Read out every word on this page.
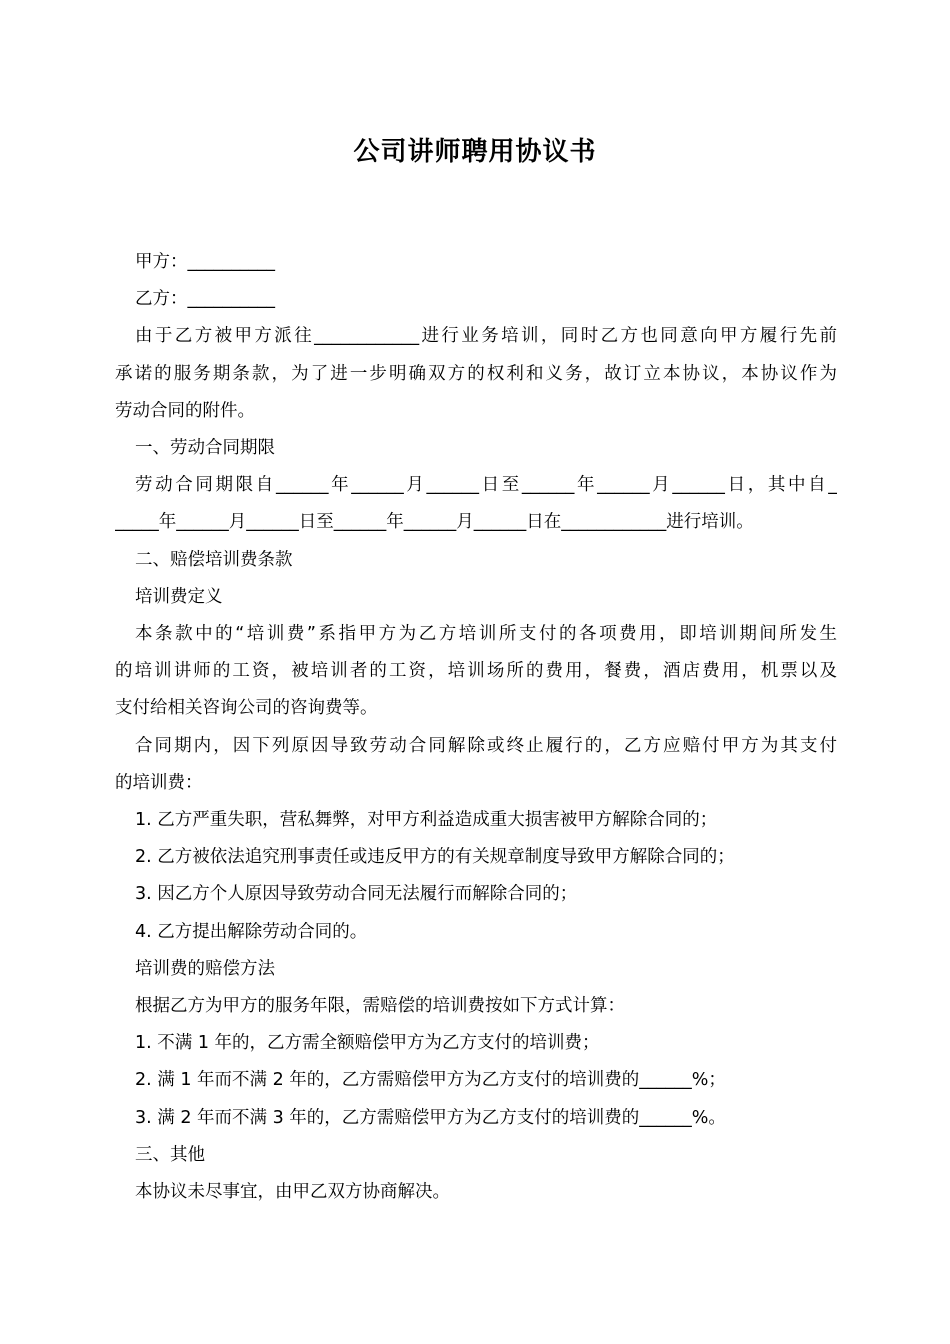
公司讲师聘用协议书

甲方：__________

乙方：__________

由于乙方被甲方派往____________进行业务培训，同时乙方也同意向甲方履行先前

承诺的服务期条款，为了进一步明确双方的权利和义务，故订立本协议，本协议作为

劳动合同的附件。

一、劳动合同期限

劳动合同期限自______年______月______日至______年______月______日，其中自_

_____年______月______日至______年______月______日在____________进行培训。

二、赔偿培训费条款

培训费定义

本条款中的“培训费”系指甲方为乙方培训所支付的各项费用，即培训期间所发生

的培训讲师的工资，被培训者的工资，培训场所的费用，餐费，酒店费用，机票以及

支付给相关咨询公司的咨询费等。

合同期内，因下列原因导致劳动合同解除或终止履行的，乙方应赔付甲方为其支付

的培训费：

1. 乙方严重失职，营私舞弊，对甲方利益造成重大损害被甲方解除合同的；

2. 乙方被依法追究刑事责任或违反甲方的有关规章制度导致甲方解除合同的；

3. 因乙方个人原因导致劳动合同无法履行而解除合同的；

4. 乙方提出解除劳动合同的。

培训费的赔偿方法

根据乙方为甲方的服务年限，需赔偿的培训费按如下方式计算：

1. 不满 1 年的，乙方需全额赔偿甲方为乙方支付的培训费；

2. 满 1 年而不满 2 年的，乙方需赔偿甲方为乙方支付的培训费的______%；

3. 满 2 年而不满 3 年的，乙方需赔偿甲方为乙方支付的培训费的______%。

三、其他

本协议未尽事宜，由甲乙双方协商解决。
